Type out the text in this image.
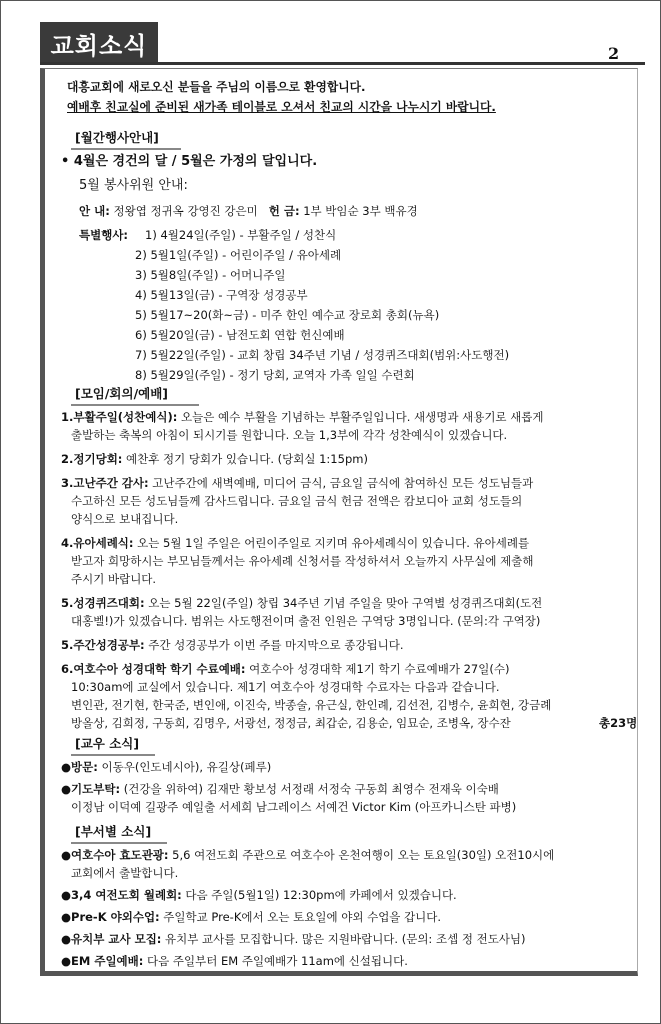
교회소식	2
대흥교회에 새로오신 분들을 주님의 이름으로 환영합니다.
예배후 친교실에 준비된 새가족 테이블로 오셔서 친교의 시간을 나누시기 바랍니다.
[월간행사안내]
• 4월은 경건의 달 / 5월은 가정의 달입니다.
5월 봉사위원 안내:
안 내: 정왕엽 정귀옥 강영진 강은미 헌 금: 1부 박임순 3부 백유경
특별행사: 1) 4월24일(주일) - 부활주일 / 성찬식
2) 5월1일(주일) - 어린이주일 / 유아세례
3) 5월8일(주일) - 어머니주일
4) 5월13일(금) - 구역장 성경공부
5) 5월17~20(화~금) - 미주 한인 예수교 장로회 총회(뉴욕)
6) 5월20일(금) - 남전도회 연합 헌신예배
7) 5월22일(주일) - 교회 창립 34주년 기념 / 성경퀴즈대회(범위:사도행전)
8) 5월29일(주일) - 정기 당회, 교역자 가족 일일 수련회
[모임/회의/예배]
1.부활주일(성찬예식): 오늘은 예수 부활을 기념하는 부활주일입니다. 새생명과 새용기로 새롭게
출발하는 축복의 아침이 되시기를 원합니다. 오늘 1,3부에 각각 성찬예식이 있겠습니다.
2.정기당회: 예찬후 정기 당회가 있습니다. (당회실 1:15pm)
3.고난주간 감사: 고난주간에 새벽예배, 미디어 금식, 금요일 금식에 참여하신 모든 성도님들과
수고하신 모든 성도님들께 감사드립니다. 금요일 금식 헌금 전액은 캄보디아 교회 성도들의
양식으로 보내집니다.
4.유아세례식: 오는 5월 1일 주일은 어린이주일로 지키며 유아세례식이 있습니다. 유아세례를
받고자 희망하시는 부모님들께서는 유아세례 신청서를 작성하셔서 오늘까지 사무실에 제출해
주시기 바랍니다.
5.성경퀴즈대회: 오는 5월 22일(주일) 창립 34주년 기념 주일을 맞아 구역별 성경퀴즈대회(도전
대홍벨!)가 있겠습니다. 범위는 사도행전이며 출전 인원은 구역당 3명입니다. (문의:각 구역장)
5.주간성경공부: 주간 성경공부가 이번 주를 마지막으로 종강됩니다.
6.여호수아 성경대학 학기 수료예배: 여호수아 성경대학 제1기 학기 수료예배가 27일(수)
10:30am에 교실에서 있습니다. 제1기 여호수아 성경대학 수료자는 다음과 같습니다.
변인관, 전기현, 한국준, 변인애, 이진숙, 박종술, 유근실, 한인례, 김선전, 김병수, 윤희현, 강금례
방올상, 김희정, 구동희, 김명우, 서광선, 정정금, 최갑순, 김용순, 임묘순, 조병옥, 장수잔	총23명
[교우 소식]
●방문: 이동우(인도네시아), 유길상(페루)
●기도부탁: (건강을 위하여) 김재만 황보성 서정래 서정숙 구동희 최영수 전재욱 이숙배
이정남 이덕예 길광주 예일출 서세희 남그레이스 서예건 Victor Kim (아프카니스탄 파병)
[부서별 소식]
●여호수아 효도관광: 5,6 여전도회 주관으로 여호수아 온천여행이 오는 토요일(30일) 오전10시에
교회에서 출발합니다.
●3,4 여전도회 월례회: 다음 주일(5월1일) 12:30pm에 카페에서 있겠습니다.
●Pre-K 야외수업: 주일학교 Pre-K에서 오는 토요일에 야외 수업을 갑니다.
●유치부 교사 모집: 유치부 교사를 모집합니다. 많은 지원바랍니다. (문의: 조셉 정 전도사님)
●EM 주일예배: 다음 주일부터 EM 주일예배가 11am에 신설됩니다.
